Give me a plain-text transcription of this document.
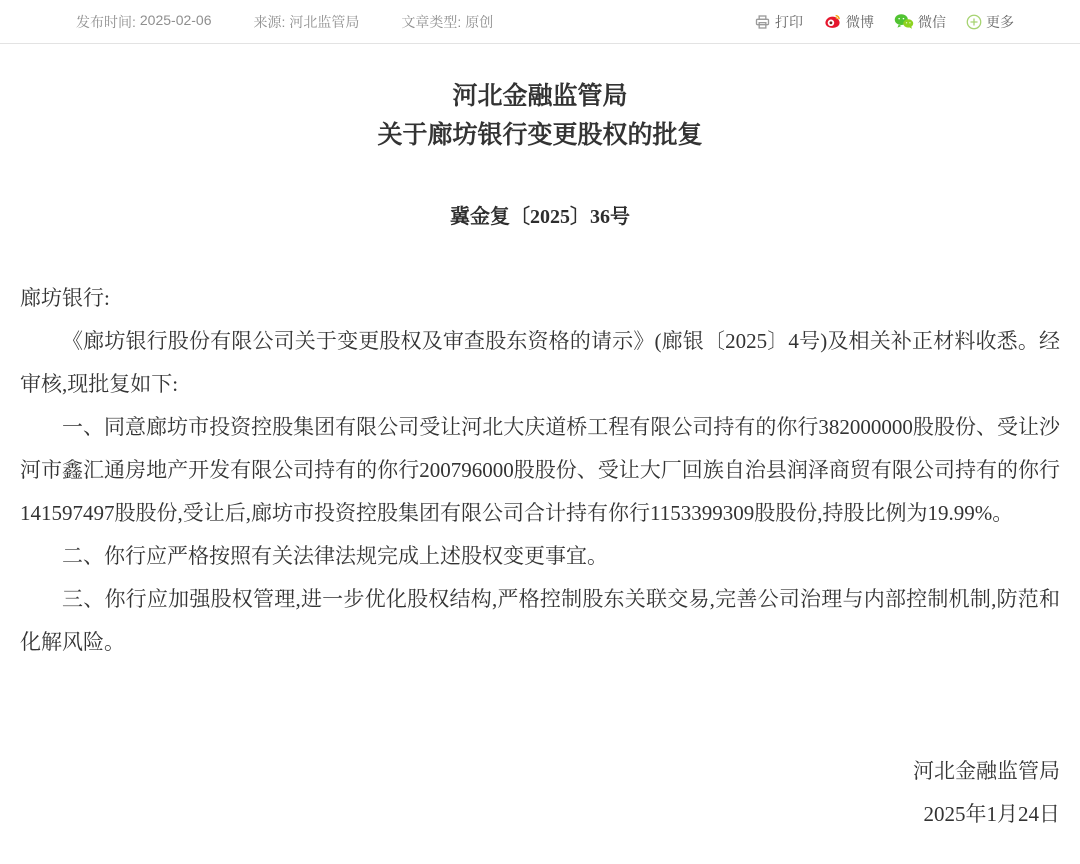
发布时间: 2025-02-06	来源: 河北监管局	文章类型: 原创	打印	微博	微信	更多
河北金融监管局
关于廊坊银行变更股权的批复
冀金复〔2025〕36号

廊坊银行:

《廊坊银行股份有限公司关于变更股权及审查股东资格的请示》(廊银〔2025〕4号)及相关补正材料收悉。经审核,现批复如下:

一、同意廊坊市投资控股集团有限公司受让河北大庆道桥工程有限公司持有的你行382000000股股份、受让沙河市鑫汇通房地产开发有限公司持有的你行200796000股股份、受让大厂回族自治县润泽商贸有限公司持有的你行141597497股股份,受让后,廊坊市投资控股集团有限公司合计持有你行1153399309股股份,持股比例为19.99%。

二、你行应严格按照有关法律法规完成上述股权变更事宜。

三、你行应加强股权管理,进一步优化股权结构,严格控制股东关联交易,完善公司治理与内部控制机制,防范和化解风险。

河北金融监管局
2025年1月24日
